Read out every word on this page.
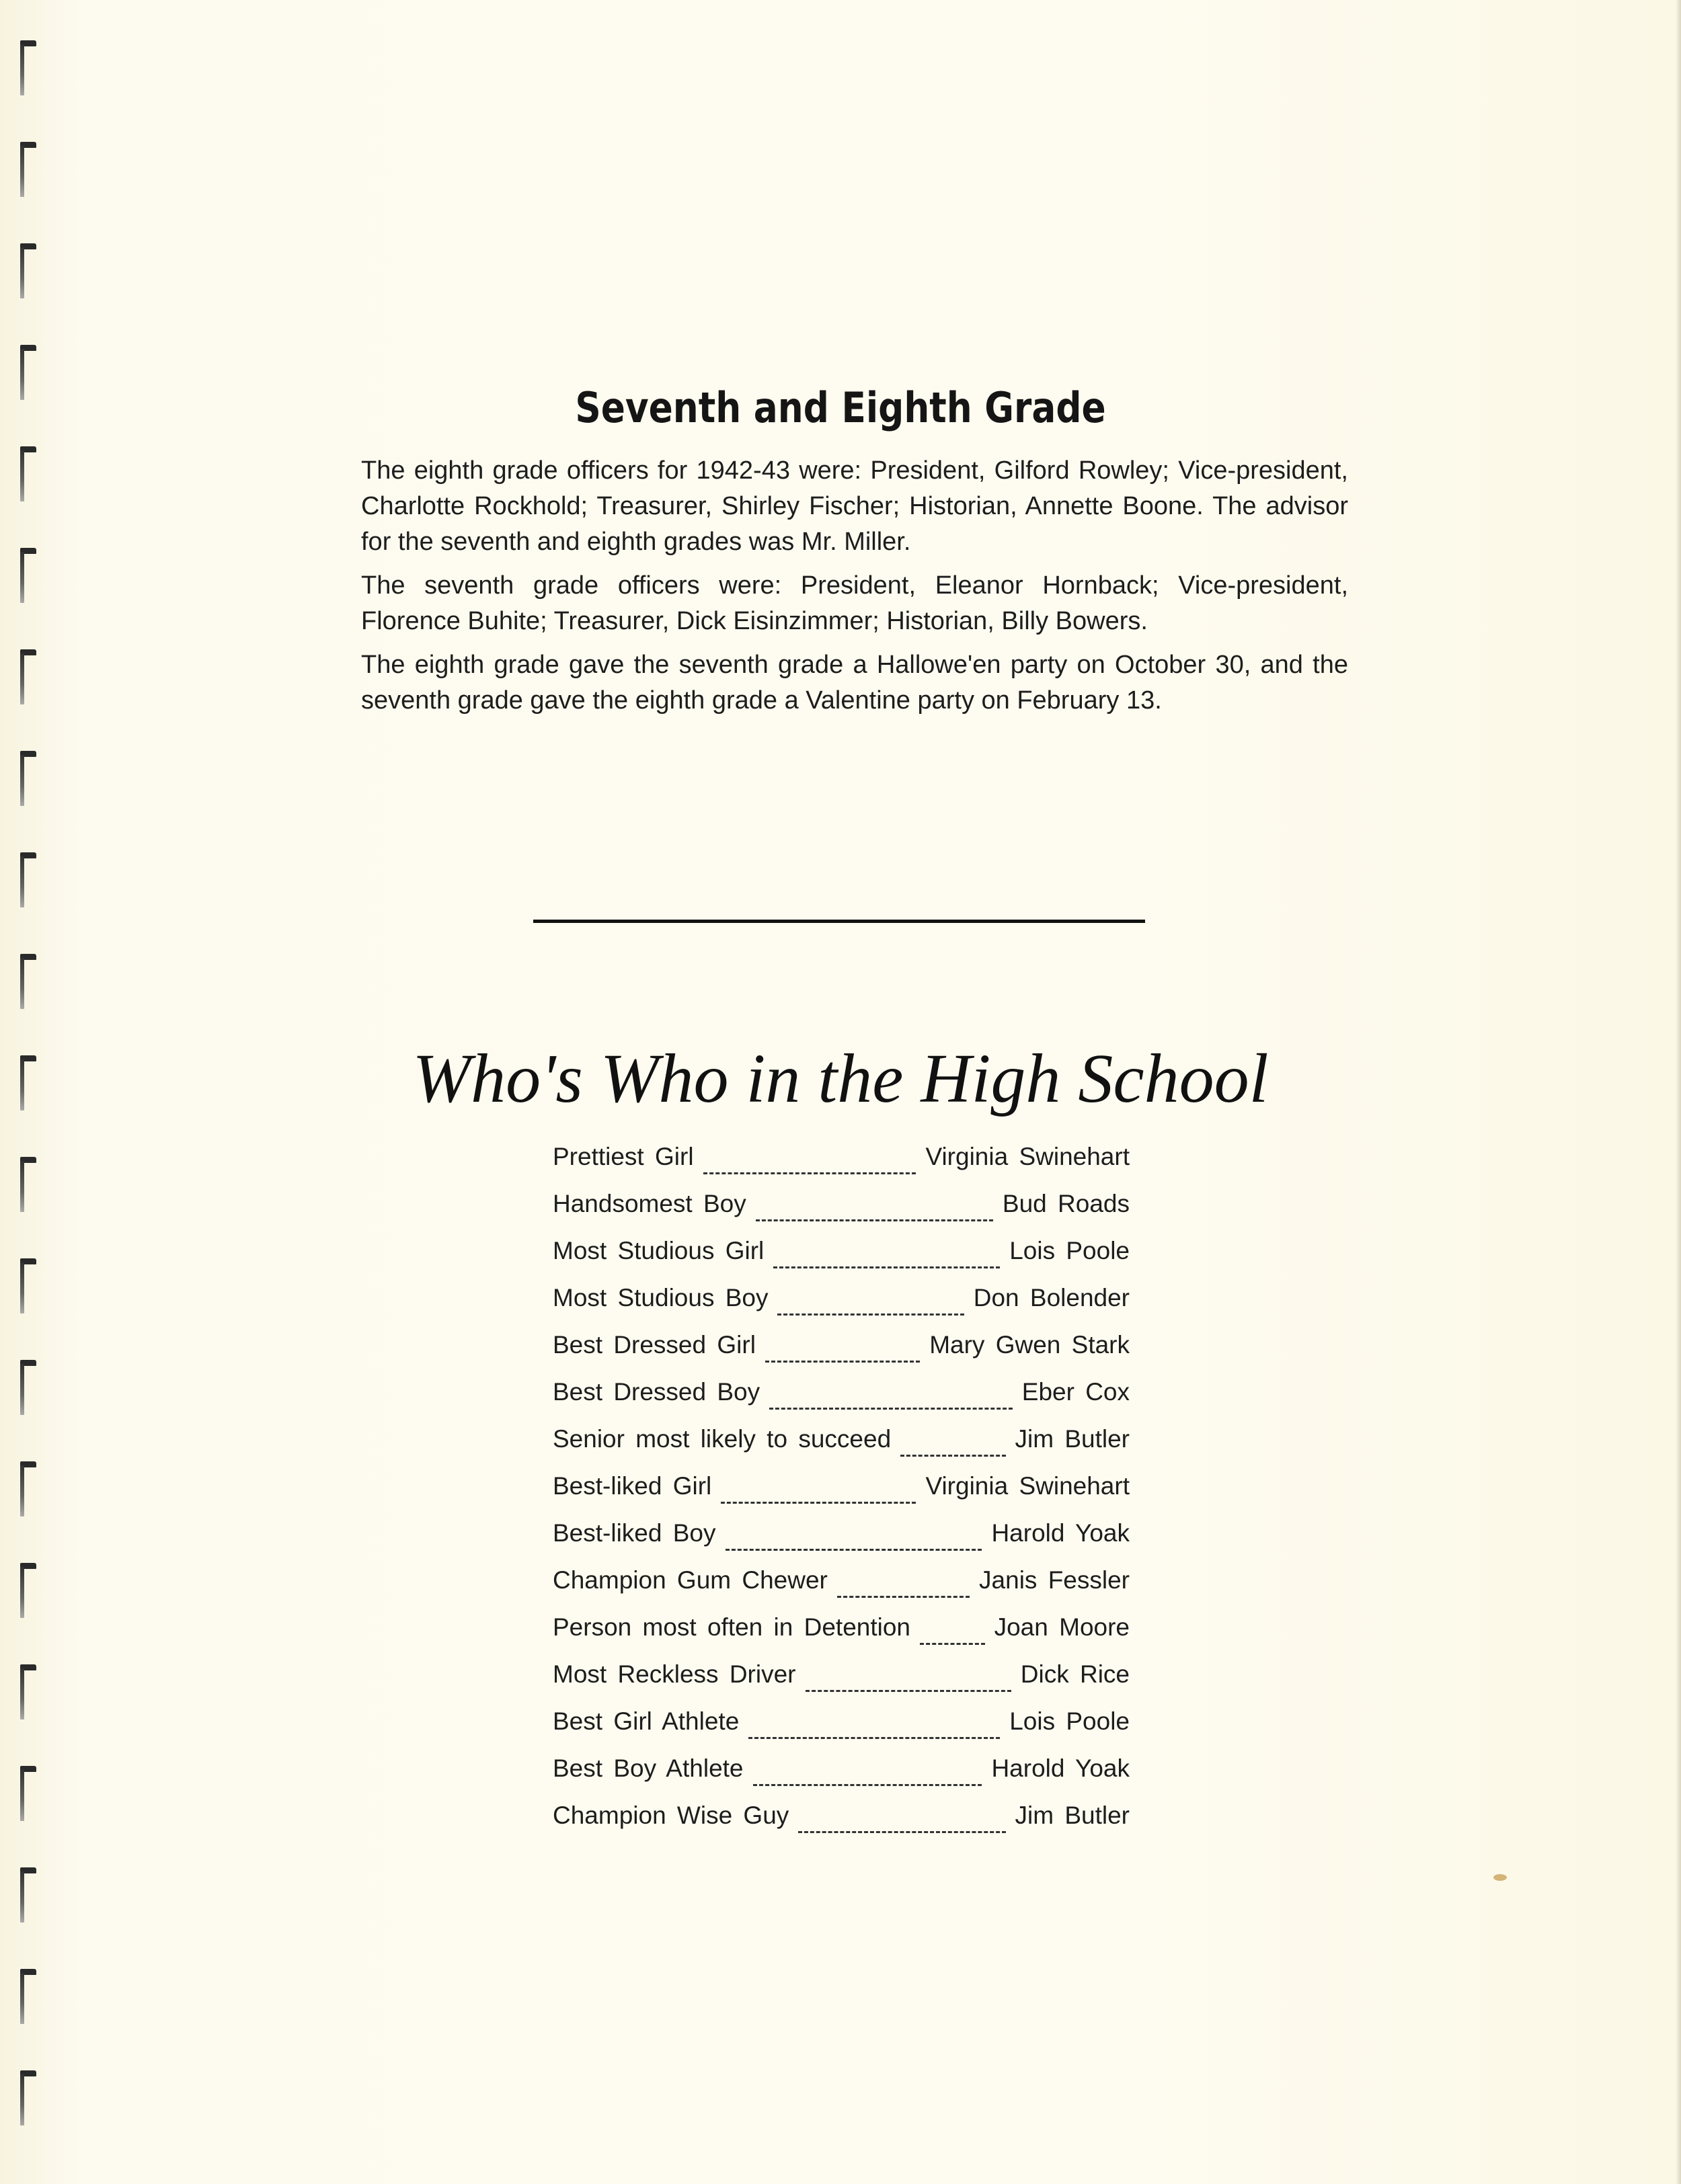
Seventh and Eighth Grade

The eighth grade officers for 1942-43 were: President, Gilford Rowley; Vice-president, Charlotte Rockhold; Treasurer, Shirley Fischer; Historian, Annette Boone. The advisor for the seventh and eighth grades was Mr. Miller.

The seventh grade officers were: President, Eleanor Hornback; Vice-president, Florence Buhite; Treasurer, Dick Eisinzimmer; Historian, Billy Bowers.

The eighth grade gave the seventh grade a Hallowe'en party on October 30, and the seventh grade gave the eighth grade a Valentine party on February 13.

Who's Who in the High School
Prettiest Girl	Virginia Swinehart
Handsomest Boy	Bud Roads
Most Studious Girl	Lois Poole
Most Studious Boy	Don Bolender
Best Dressed Girl	Mary Gwen Stark
Best Dressed Boy	Eber Cox
Senior most likely to succeed	Jim Butler
Best-liked Girl	Virginia Swinehart
Best-liked Boy	Harold Yoak
Champion Gum Chewer	Janis Fessler
Person most often in Detention	Joan Moore
Most Reckless Driver	Dick Rice
Best Girl Athlete	Lois Poole
Best Boy Athlete	Harold Yoak
Champion Wise Guy	Jim Butler
